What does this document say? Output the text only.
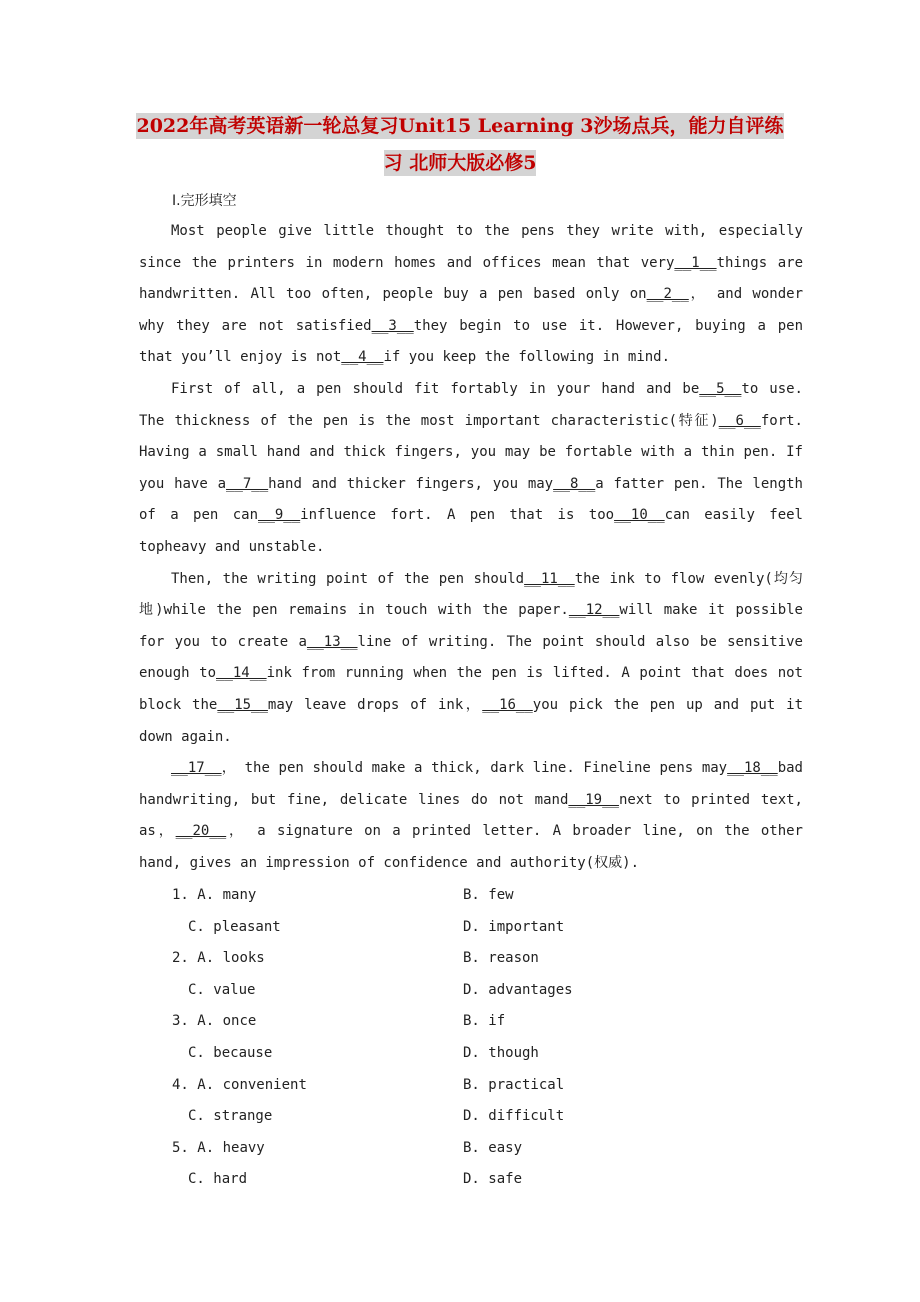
2022年高考英语新一轮总复习Unit15 Learning 3沙场点兵，能力自评练
习 北师大版必修5
Ⅰ.完形填空

Most people give little thought to the pens they write with, especially since the printers in modern homes and offices mean that very__1__things are handwritten. All too often, people buy a pen based only on__2__， and wonder why they are not satisfied__3__they begin to use it. However, buying a pen that you’ll enjoy is not__4__if you keep the following in mind.

First of all, a pen should fit fortably in your hand and be__5__to use. The thickness of the pen is the most important characteristic(特征)__6__fort. Having a small hand and thick fingers, you may be fortable with a thin pen. If you have a__7__hand and thicker fingers, you may__8__a fatter pen. The length of a pen can__9__influence fort. A pen that is too__10__can easily feel topheavy and unstable.

Then, the writing point of the pen should__11__the ink to flow evenly(均匀地)while the pen remains in touch with the paper.__12__will make it possible for you to create a__13__line of writing. The point should also be sensitive enough to__14__ink from running when the pen is lifted. A point that does not block the__15__may leave drops of ink，__16__you pick the pen up and put it down again.

__17__， the pen should make a thick, dark line. Fineline pens may__18__bad handwriting, but fine, delicate lines do not mand__19__next to printed text, as，__20__， a signature on a printed letter. A broader line, on the other hand, gives an impression of confidence and authority(权威).

1. A. many	B. few
C. pleasant	D. important
2. A. looks	B. reason
C. value	D. advantages
3. A. once	B. if
C. because	D. though
4. A. convenient	B. practical
C. strange	D. difficult
5. A. heavy	B. easy
C. hard	D. safe
